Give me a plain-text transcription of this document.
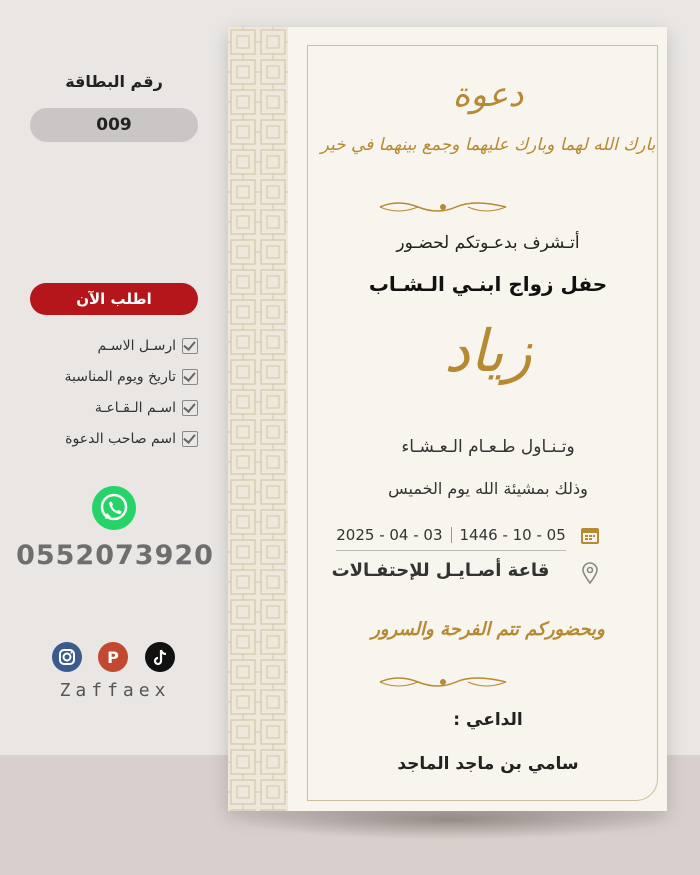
رقم البطاقة
009
اطلب الآن
ارسـل الاسـم
تاريخ ويوم المناسبة
اسـم الـقـاعـة
اسم صاحب الدعوة
0552073920
P
Zaffaex
دعوة
بارك الله لهما وبارك عليهما وجمع بينهما في خير
أتـشرف بدعـوتكم لحضـور
حفل زواج ابنـي الـشـاب
زياد
وتـنـاول طـعـام الـعـشـاء
وذلك بمشيئة الله يوم الخميس
2025 - 04 - 03 1446 - 10 - 05
قاعة أصـايـل للإحتفـالات
وبحضوركم تتم الفرحة والسرور
الداعي :
سامي بن ماجد الماجد
